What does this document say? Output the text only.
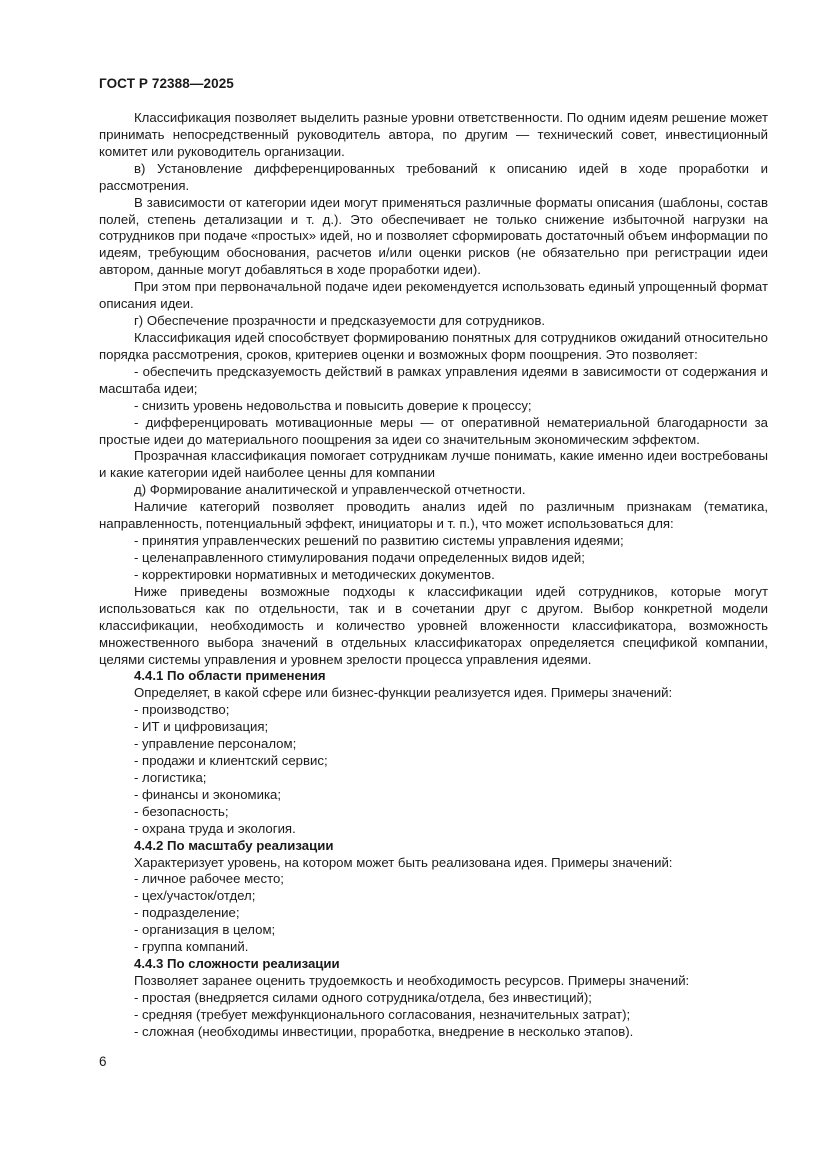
ГОСТ Р 72388—2025

Классификация позволяет выделить разные уровни ответственности. По одним идеям решение может принимать непосредственный руководитель автора, по другим — технический совет, инвестиционный комитет или руководитель организации.

в) Установление дифференцированных требований к описанию идей в ходе проработки и рассмотрения.

В зависимости от категории идеи могут применяться различные форматы описания (шаблоны, состав полей, степень детализации и т. д.). Это обеспечивает не только снижение избыточной нагрузки на сотрудников при подаче «простых» идей, но и позволяет сформировать достаточный объем информации по идеям, требующим обоснования, расчетов и/или оценки рисков (не обязательно при регистрации идеи автором, данные могут добавляться в ходе проработки идеи).

При этом при первоначальной подаче идеи рекомендуется использовать единый упрощенный формат описания идеи.

г) Обеспечение прозрачности и предсказуемости для сотрудников.

Классификация идей способствует формированию понятных для сотрудников ожиданий относительно порядка рассмотрения, сроков, критериев оценки и возможных форм поощрения. Это позволяет:

- обеспечить предсказуемость действий в рамках управления идеями в зависимости от содержания и масштаба идеи;

- снизить уровень недовольства и повысить доверие к процессу;

- дифференцировать мотивационные меры — от оперативной нематериальной благодарности за простые идеи до материального поощрения за идеи со значительным экономическим эффектом.

Прозрачная классификация помогает сотрудникам лучше понимать, какие именно идеи востребованы и какие категории идей наиболее ценны для компании

д) Формирование аналитической и управленческой отчетности.

Наличие категорий позволяет проводить анализ идей по различным признакам (тематика, направленность, потенциальный эффект, инициаторы и т. п.), что может использоваться для:

- принятия управленческих решений по развитию системы управления идеями;

- целенаправленного стимулирования подачи определенных видов идей;

- корректировки нормативных и методических документов.

Ниже приведены возможные подходы к классификации идей сотрудников, которые могут использоваться как по отдельности, так и в сочетании друг с другом. Выбор конкретной модели классификации, необходимость и количество уровней вложенности классификатора, возможность множественного выбора значений в отдельных классификаторах определяется спецификой компании, целями системы управления и уровнем зрелости процесса управления идеями.

4.4.1 По области применения

Определяет, в какой сфере или бизнес-функции реализуется идея. Примеры значений:

- производство;

- ИТ и цифровизация;

- управление персоналом;

- продажи и клиентский сервис;

- логистика;

- финансы и экономика;

- безопасность;

- охрана труда и экология.

4.4.2 По масштабу реализации

Характеризует уровень, на котором может быть реализована идея. Примеры значений:

- личное рабочее место;

- цех/участок/отдел;

- подразделение;

- организация в целом;

- группа компаний.

4.4.3 По сложности реализации

Позволяет заранее оценить трудоемкость и необходимость ресурсов. Примеры значений:

- простая (внедряется силами одного сотрудника/отдела, без инвестиций);

- средняя (требует межфункционального согласования, незначительных затрат);

- сложная (необходимы инвестиции, проработка, внедрение в несколько этапов).

6
